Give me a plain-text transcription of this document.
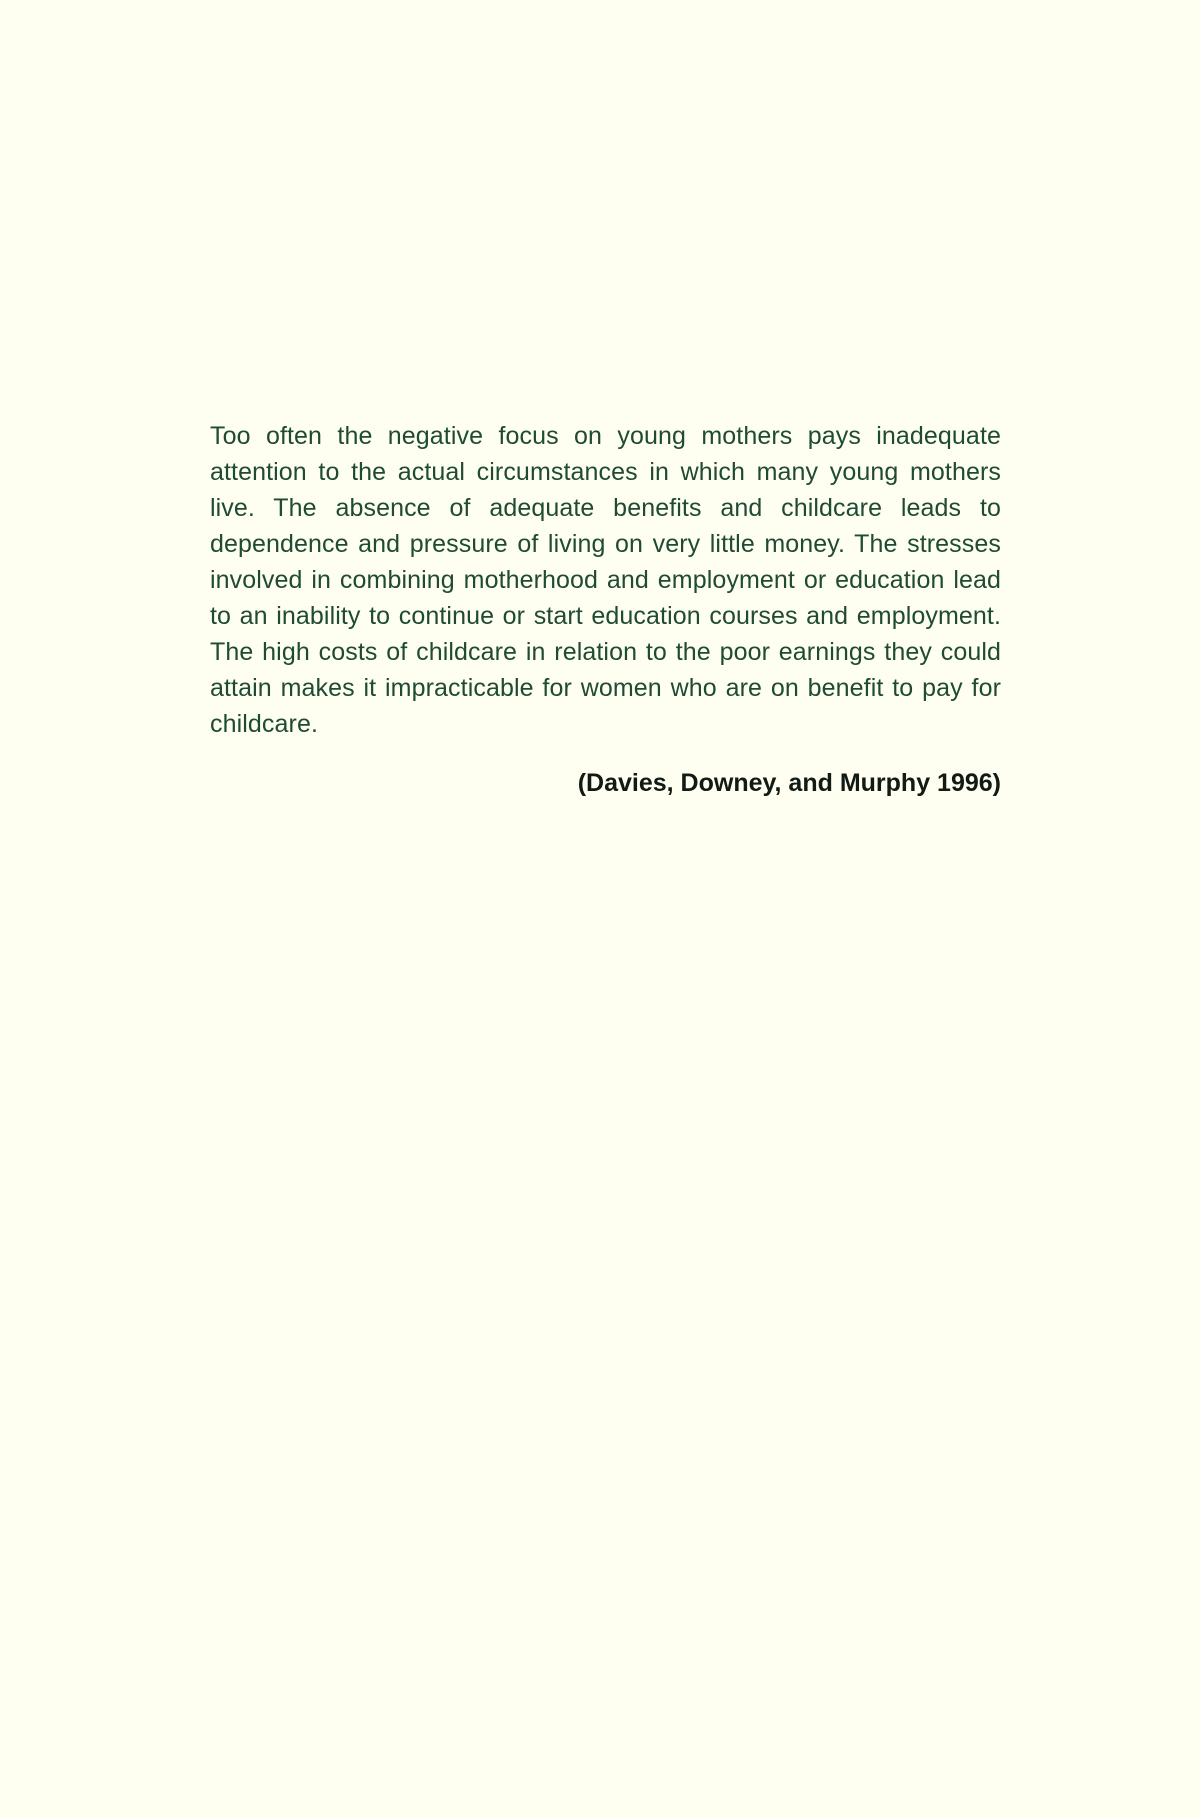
Too often the negative focus on young mothers pays inadequate attention to the actual circumstances in which many young mothers live. The absence of adequate benefits and childcare leads to dependence and pressure of living on very little money. The stresses involved in combining motherhood and employment or education lead to an inability to continue or start education courses and employment. The high costs of childcare in relation to the poor earnings they could attain makes it impracticable for women who are on benefit to pay for childcare.

(Davies, Downey, and Murphy 1996)
